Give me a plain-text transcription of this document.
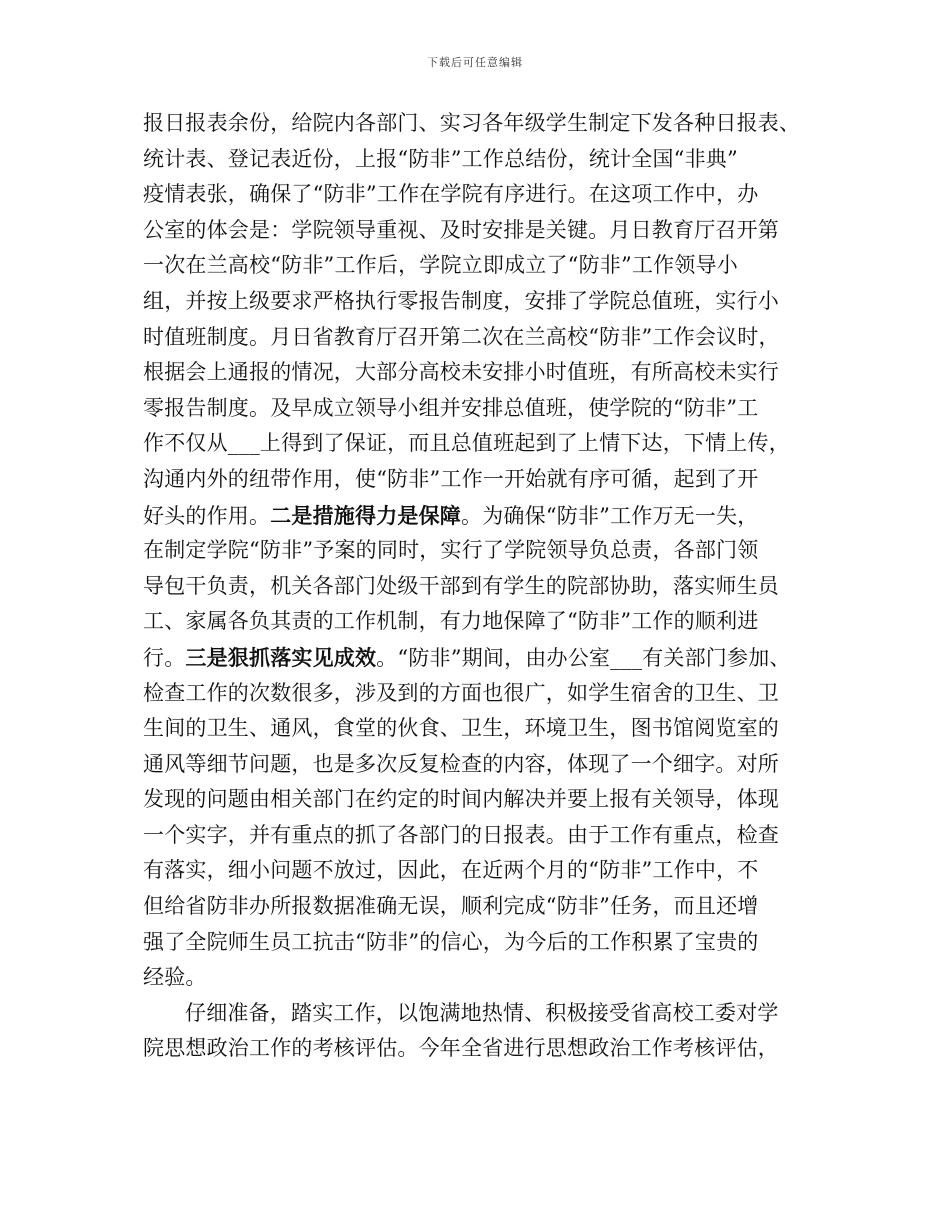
下载后可任意编辑
报日报表余份，给院内各部门、实习各年级学生制定下发各种日报表、
统计表、登记表近份，上报“防非”工作总结份，统计全国“非典”
疫情表张，确保了“防非”工作在学院有序进行。在这项工作中，办
公室的体会是：学院领导重视、及时安排是关键。月日教育厅召开第
一次在兰高校“防非”工作后，学院立即成立了“防非”工作领导小
组，并按上级要求严格执行零报告制度，安排了学院总值班，实行小
时值班制度。月日省教育厅召开第二次在兰高校“防非”工作会议时，
根据会上通报的情况，大部分高校未安排小时值班，有所高校未实行
零报告制度。及早成立领导小组并安排总值班，使学院的“防非”工
作不仅从___上得到了保证，而且总值班起到了上情下达，下情上传，
沟通内外的纽带作用，使“防非”工作一开始就有序可循，起到了开
好头的作用。二是措施得力是保障。为确保“防非”工作万无一失，
在制定学院“防非”予案的同时，实行了学院领导负总责，各部门领
导包干负责，机关各部门处级干部到有学生的院部协助，落实师生员
工、家属各负其责的工作机制，有力地保障了“防非”工作的顺利进
行。三是狠抓落实见成效。“防非”期间，由办公室___有关部门参加、
检查工作的次数很多，涉及到的方面也很广，如学生宿舍的卫生、卫
生间的卫生、通风，食堂的伙食、卫生，环境卫生，图书馆阅览室的
通风等细节问题，也是多次反复检查的内容，体现了一个细字。对所
发现的问题由相关部门在约定的时间内解决并要上报有关领导，体现
一个实字，并有重点的抓了各部门的日报表。由于工作有重点，检查
有落实，细小问题不放过，因此，在近两个月的“防非”工作中，不
但给省防非办所报数据准确无误，顺利完成“防非”任务，而且还增
强了全院师生员工抗击“防非”的信心，为今后的工作积累了宝贵的
经验。
仔细准备，踏实工作，以饱满地热情、积极接受省高校工委对学
院思想政治工作的考核评估。今年全省进行思想政治工作考核评估，
